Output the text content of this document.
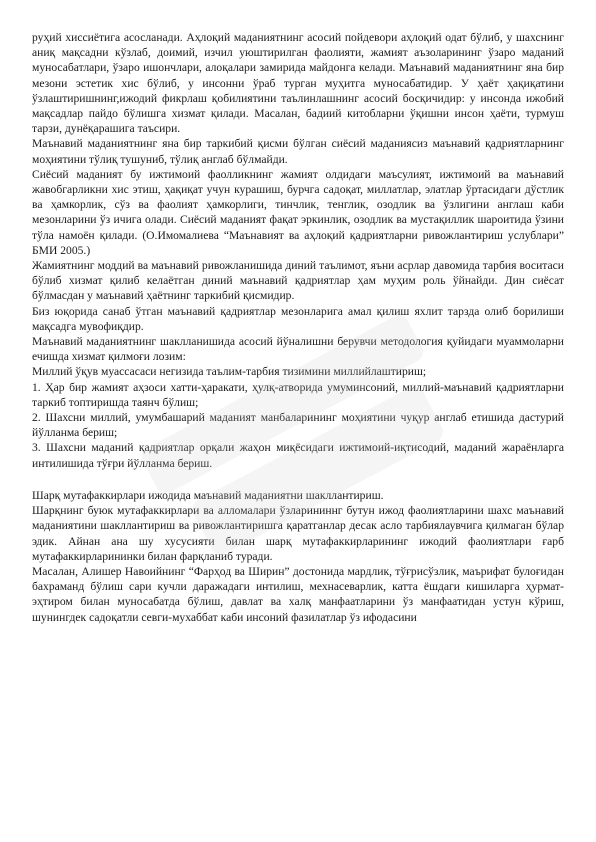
руҳий хиссиётига асосланади. Аҳлоқий маданиятнинг асосий пойдевори аҳлоқий одат бўлиб, у шахснинг аниқ мақсадни кўзлаб, доимий, изчил уюштирилган фаолияти, жамият аъзоларининг ўзаро маданий муносабатлари, ўзаро ишончлари, алоқалари замирида майдонга келади. Маънавий маданиятнинг яна бир мезони эстетик хис бўлиб, у инсонни ўраб турган муҳитга муносабатидир. У ҳаёт ҳақиқатини ўзлаштиришнинг,ижодий фикрлаш қобилиятини таълинлашнинг асосий босқичидир: у инсонда ижобий мақсадлар пайдо бўлишга хизмат қилади. Масалан, бадиий китобларни ўқишни инсон ҳаёти, турмуш тарзи, дунёқарашига таъсири.

Маънавий маданиятнинг яна бир таркибий қисми бўлган сиёсий маданиясиз маънавий қадриятларнинг моҳиятини тўлиқ тушуниб, тўлиқ англаб бўлмайди.

Сиёсий маданият бу ижтимоий фаолликнинг жамият олдидаги маъсулият, ижтимоий ва маънавий жавобгарликни хис этиш, ҳақиқат учун курашиш, бурчга садоқат, миллатлар, элатлар ўртасидаги дўстлик ва ҳамкорлик, сўз ва фаолият ҳамкорлиги, тинчлик, тенглик, озодлик ва ўзлигини англаш каби мезонларини ўз ичига олади. Сиёсий маданият фақат эркинлик, озодлик ва мустақиллик шароитида ўзини тўла намоён қилади. (О.Имомалиева “Маънавият ва аҳлоқий қадриятларни ривожлантириш услублари” БМИ 2005.)

Жамиятнинг моддий ва маънавий ривожланишида диний таълимот, яъни асрлар давомида тарбия воситаси бўлиб хизмат қилиб келаётган диний маънавий қадриятлар ҳам муҳим роль ўйнайди. Дин сиёсат бўлмасдан у маънавий ҳаётнинг таркибий қисмидир.

Биз юқорида санаб ўтган маънавий қадриятлар мезонларига амал қилиш яхлит тарзда олиб борилиши мақсадга мувофиқдир.

Маънавий маданиятнинг шаклланишида асосий йўналишни берувчи методология қуйидаги муаммоларни ечишда хизмат қилмоғи лозим:

Миллий ўқув муассасаси негизида таълим-тарбия тизимини миллийлаштириш;

1. Ҳар бир жамият аҳзоси хатти-ҳаракати, ҳулқ-атворида умуминсоний, миллий-маънавий қадриятларни таркиб топтиришда таянч бўлиш;

2. Шахсни миллий, умумбашарий маданият манбаларининг моҳиятини чуқур англаб етишида дастурий йўлланма бериш;

3. Шахсни маданий қадриятлар орқали жаҳон миқёсидаги ижтимоий-иқтисодий, маданий жараёнларга интилишида тўғри йўлланма бериш.

Шарқ мутафаккирлари ижодида маънавий маданиятни шакллантириш.

Шарқнинг буюк мутафаккирлари ва алломалари ўзларининнг бутун ижод фаолиятларини шахс маънавий маданиятини шакллантириш ва ривожлантиришга қаратганлар десак асло тарбиялаувчига қилмаган бўлар эдик. Айнан ана шу хусусияти билан шарқ мутафаккирларининг ижодий фаолиятлари ғарб мутафаккирларининки билан фарқланиб туради.

Масалан, Алишер Навоийнинг “Фарҳод ва Ширин” достонида мардлик, тўғрисўзлик, маърифат булоғидан бахраманд бўлиш сари кучли даражадаги интилиш, мехнасеварлик, катта ёшдаги кишиларга ҳурмат-эҳтиром билан муносабатда бўлиш, давлат ва халқ манфаатларини ўз манфаатидан устун кўриш, шунингдек садоқатли севги-мухаббат каби инсоний фазилатлар ўз ифодасини
